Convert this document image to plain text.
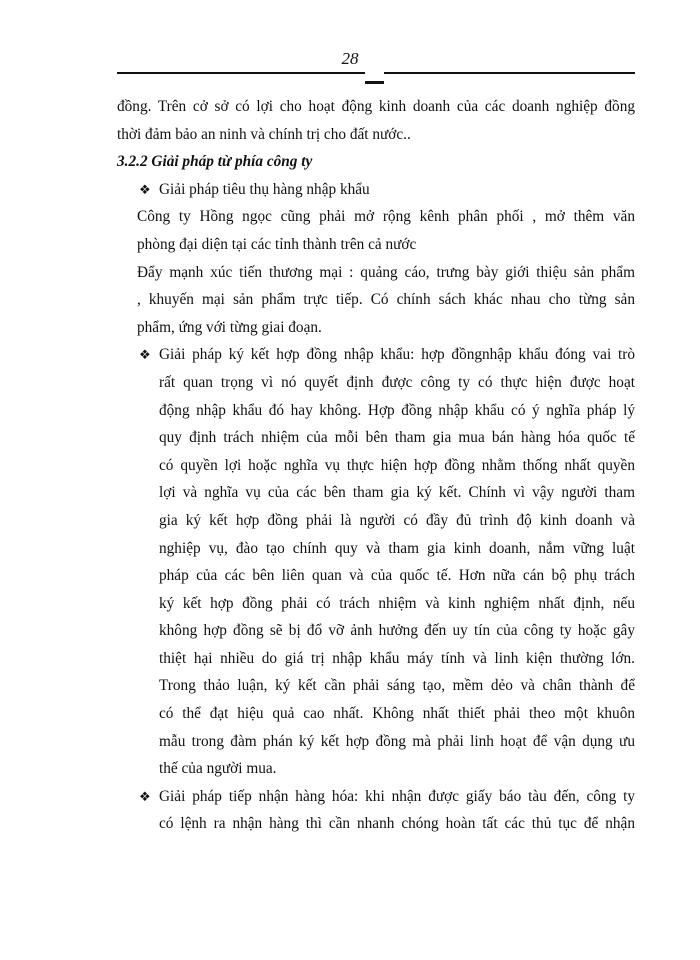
28
đồng. Trên cở sở có lợi cho hoạt động kinh doanh của các doanh nghiệp đồng
thời đảm bảo an ninh và chính trị cho đất nước..
3.2.2 Giải pháp từ phía công ty
❖ Giải pháp tiêu thụ hàng nhập khẩu
Công ty Hồng ngọc cũng phải mở rộng kênh phân phối , mở thêm văn
phòng đại diện tại các tỉnh thành trên cả nước
Đẩy mạnh xúc tiến thương mại : quảng cáo, trưng bày giới thiệu sản phẩm
, khuyến mại sản phẩm trực tiếp. Có chính sách khác nhau cho từng sản
phẩm, ứng với từng giai đoạn.
❖ Giải pháp ký kết hợp đồng nhập khẩu: hợp đồngnhập khẩu đóng vai trò
rất quan trọng vì nó quyết định được công ty có thực hiện được hoạt
động nhập khẩu đó hay không. Hợp đồng nhập khẩu có ý nghĩa pháp lý
quy định trách nhiệm của mỗi bên tham gia mua bán hàng hóa quốc tế
có quyền lợi hoặc nghĩa vụ thực hiện hợp đồng nhằm thống nhất quyền
lợi và nghĩa vụ của các bên tham gia ký kết. Chính vì vậy người tham
gia ký kết hợp đồng phải là người có đầy đủ trình độ kinh doanh và
nghiệp vụ, đào tạo chính quy và tham gia kinh doanh, nắm vững luật
pháp của các bên liên quan và của quốc tế. Hơn nữa cán bộ phụ trách
ký kết hợp đồng phải có trách nhiệm và kinh nghiệm nhất định, nếu
không hợp đồng sẽ bị đổ vỡ ảnh hưởng đến uy tín của công ty hoặc gây
thiệt hại nhiều do giá trị nhập khẩu máy tính và linh kiện thường lớn.
Trong thảo luận, ký kết cần phải sáng tạo, mềm dẻo và chân thành để
có thể đạt hiệu quả cao nhất. Không nhất thiết phải theo một khuôn
mẫu trong đàm phán ký kết hợp đồng mà phải linh hoạt để vận dụng ưu
thế của người mua.
❖ Giải pháp tiếp nhận hàng hóa: khi nhận được giấy báo tàu đến, công ty
có lệnh ra nhận hàng thì cần nhanh chóng hoàn tất các thủ tục để nhận
